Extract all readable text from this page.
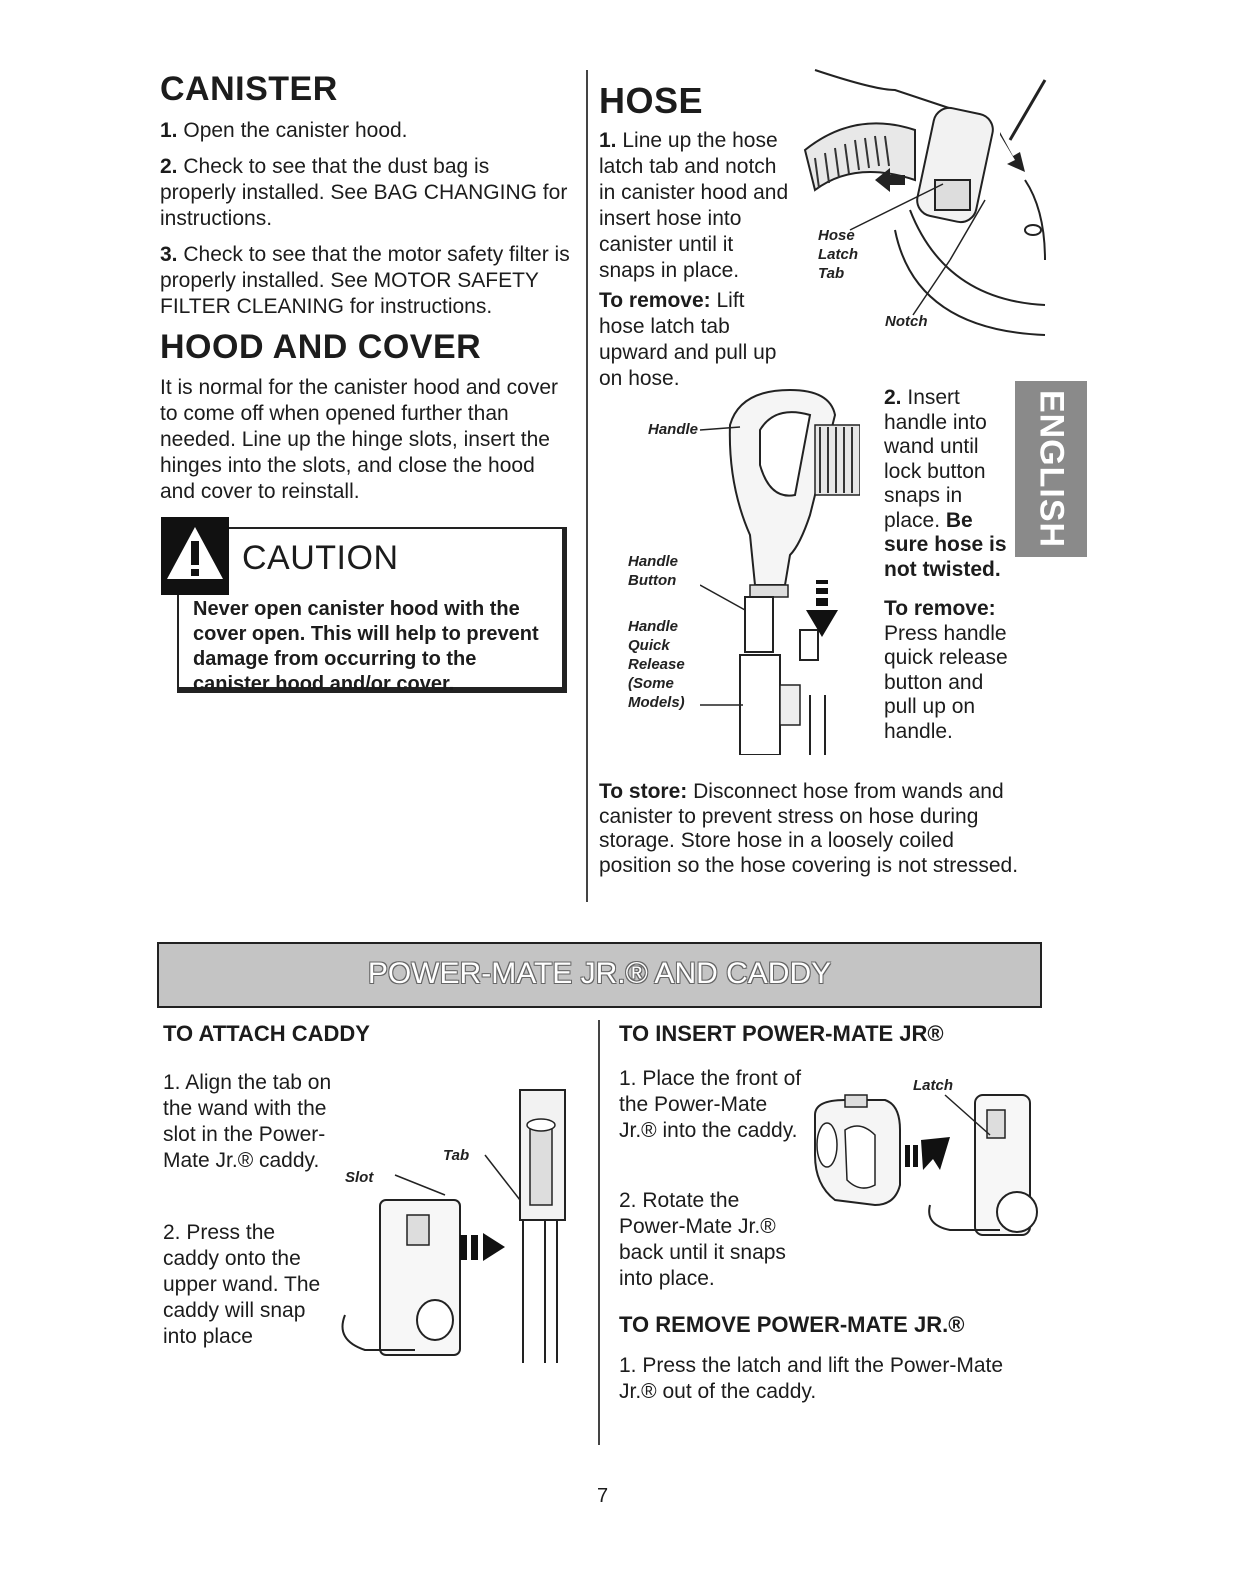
CANISTER

1. Open the canister hood.

2. Check to see that the dust bag is properly installed. See BAG CHANGING for instructions.

3. Check to see that the motor safety filter is properly installed. See MOTOR SAFETY FILTER CLEANING for instructions.

HOOD AND COVER

It is normal for the canister hood and cover to come off when opened further than needed. Line up the hinge slots, insert the hinges into the slots, and close the hood and cover to reinstall.

CAUTION

Never open canister hood with the cover open. This will help to prevent damage from occurring to the canister hood and/or cover.

HOSE

1. Line up the hose latch tab and notch in canister hood and insert hose into canister until it snaps in place.

To remove: Lift hose latch tab upward and pull up on hose.

Hose Latch Tab
Notch
Handle
Handle Button
Handle Quick Release (Some Models)

2. Insert handle into wand until lock button snaps in place. Be sure hose is not twisted.

To remove:
Press handle quick release button and pull up on handle.

ENGLISH

To store: Disconnect hose from wands and canister to prevent stress on hose during storage. Store hose in a loosely coiled position so the hose covering is not stressed.

POWER-MATE JR.® AND CADDY
TO ATTACH CADDY

1. Align the tab on the wand with the slot in the Power-Mate Jr.® caddy.

2. Press the caddy onto the upper wand. The caddy will snap into place

Tab
Slot
TO INSERT POWER-MATE JR®

1. Place the front of the Power-Mate Jr.® into the caddy.

2. Rotate the Power-Mate Jr.® back until it snaps into place.

Latch
TO REMOVE POWER-MATE JR.®

1. Press the latch and lift the Power-Mate Jr.® out of the caddy.

7
